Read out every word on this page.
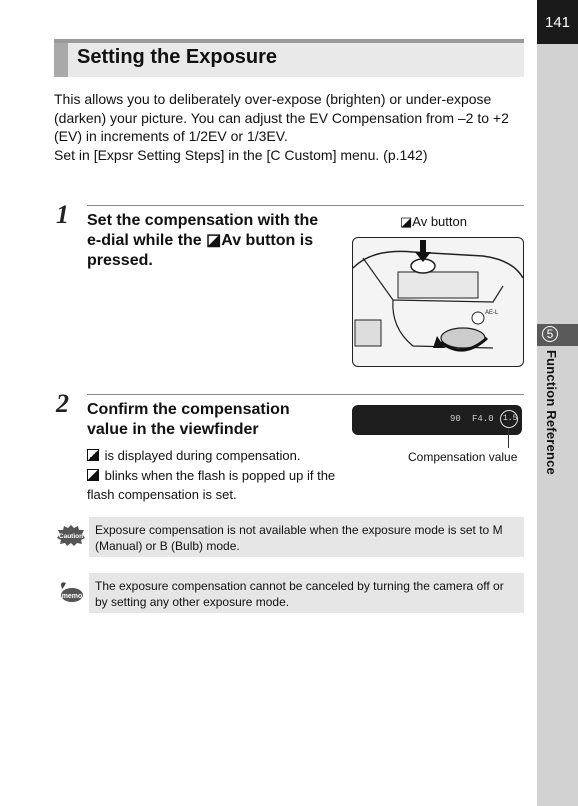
141
5
Function Reference
Setting the Exposure

This allows you to deliberately over-expose (brighten) or under-expose (darken) your picture. You can adjust the EV Compensation from –2 to +2 (EV) in increments of 1/2EV or 1/3EV.

Set in [Expsr Setting Steps] in the [C Custom] menu. (p.142)

1 Set the compensation with the e-dial while the ◪Av button is pressed.
◪Av button
AE-L
2 Confirm the compensation value in the viewfinder
90 F4.0 1.5
Compensation value

is displayed during compensation.

blinks when the flash is popped up if the flash compensation is set.

Caution Exposure compensation is not available when the exposure mode is set to M (Manual) or B (Bulb) mode.
memo
The exposure compensation cannot be canceled by turning the camera off or by setting any other exposure mode.
